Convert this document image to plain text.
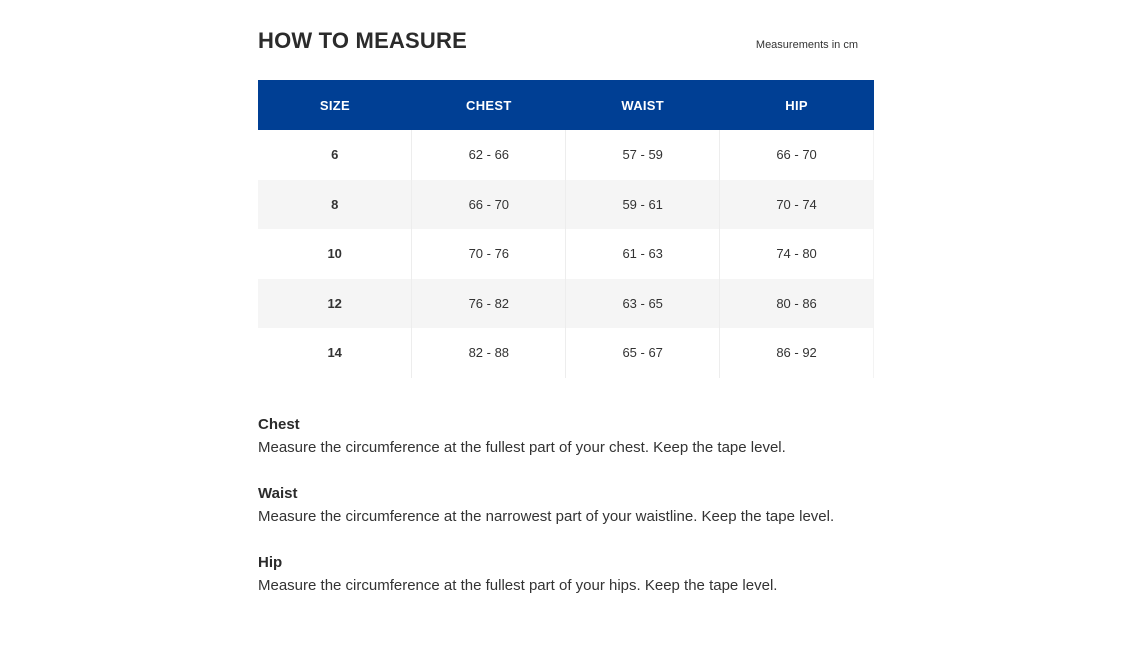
HOW TO MEASURE	Measurements in cm
SIZE	CHEST	WAIST	HIP
6	62 - 66	57 - 59	66 - 70
8	66 - 70	59 - 61	70 - 74
10	70 - 76	61 - 63	74 - 80
12	76 - 82	63 - 65	80 - 86
14	82 - 88	65 - 67	86 - 92
Chest
Measure the circumference at the fullest part of your chest. Keep the tape level.
Waist
Measure the circumference at the narrowest part of your waistline. Keep the tape level.
Hip
Measure the circumference at the fullest part of your hips. Keep the tape level.
